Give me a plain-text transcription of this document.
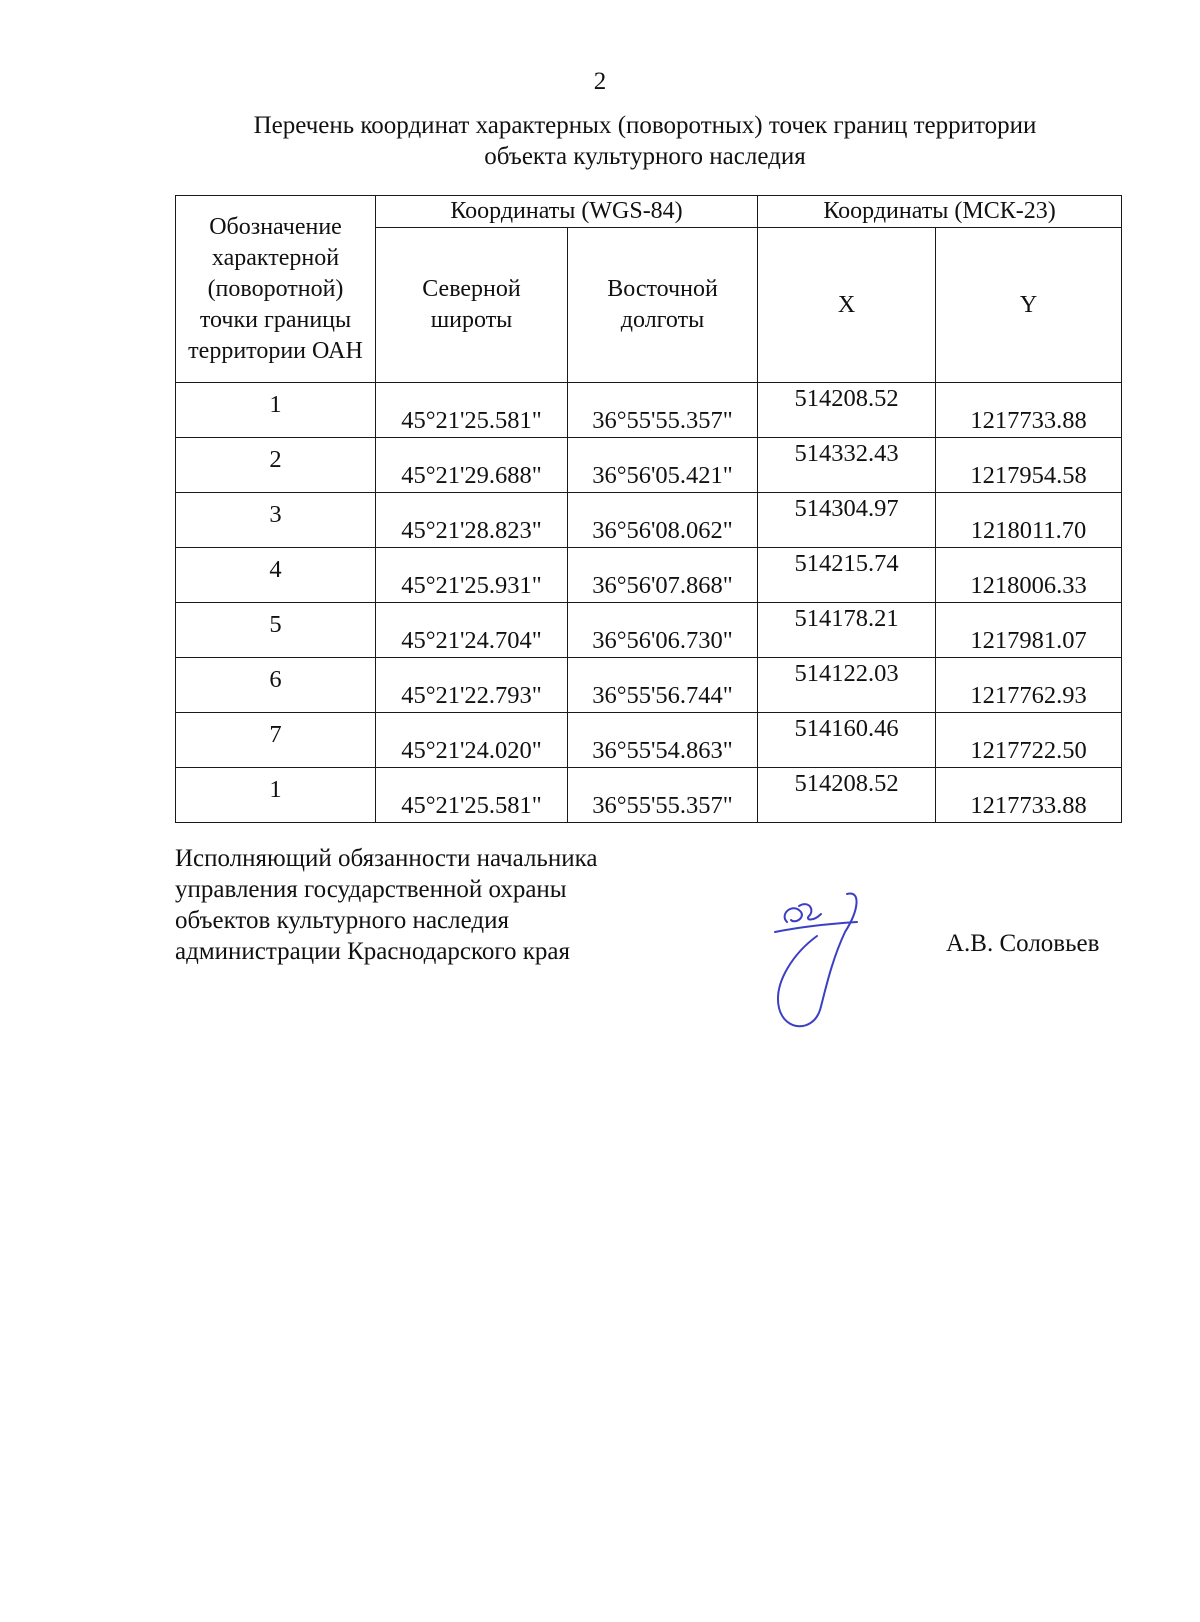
2
Перечень координат характерных (поворотных) точек границ территории
объекта культурного наследия
Обозначение характерной (поворотной) точки границы территории ОАН	Координаты (WGS-84)		Координаты (МСК-23)	
	Северной широты	Восточной долготы	X	Y
1	45°21'25.581"	36°55'55.357"	514208.52	1217733.88
2	45°21'29.688"	36°56'05.421"	514332.43	1217954.58
3	45°21'28.823"	36°56'08.062"	514304.97	1218011.70
4	45°21'25.931"	36°56'07.868"	514215.74	1218006.33
5	45°21'24.704"	36°56'06.730"	514178.21	1217981.07
6	45°21'22.793"	36°55'56.744"	514122.03	1217762.93
7	45°21'24.020"	36°55'54.863"	514160.46	1217722.50
1	45°21'25.581"	36°55'55.357"	514208.52	1217733.88
Исполняющий обязанности начальника
управления государственной охраны
объектов культурного наследия
администрации Краснодарского края	А.В. Соловьев
